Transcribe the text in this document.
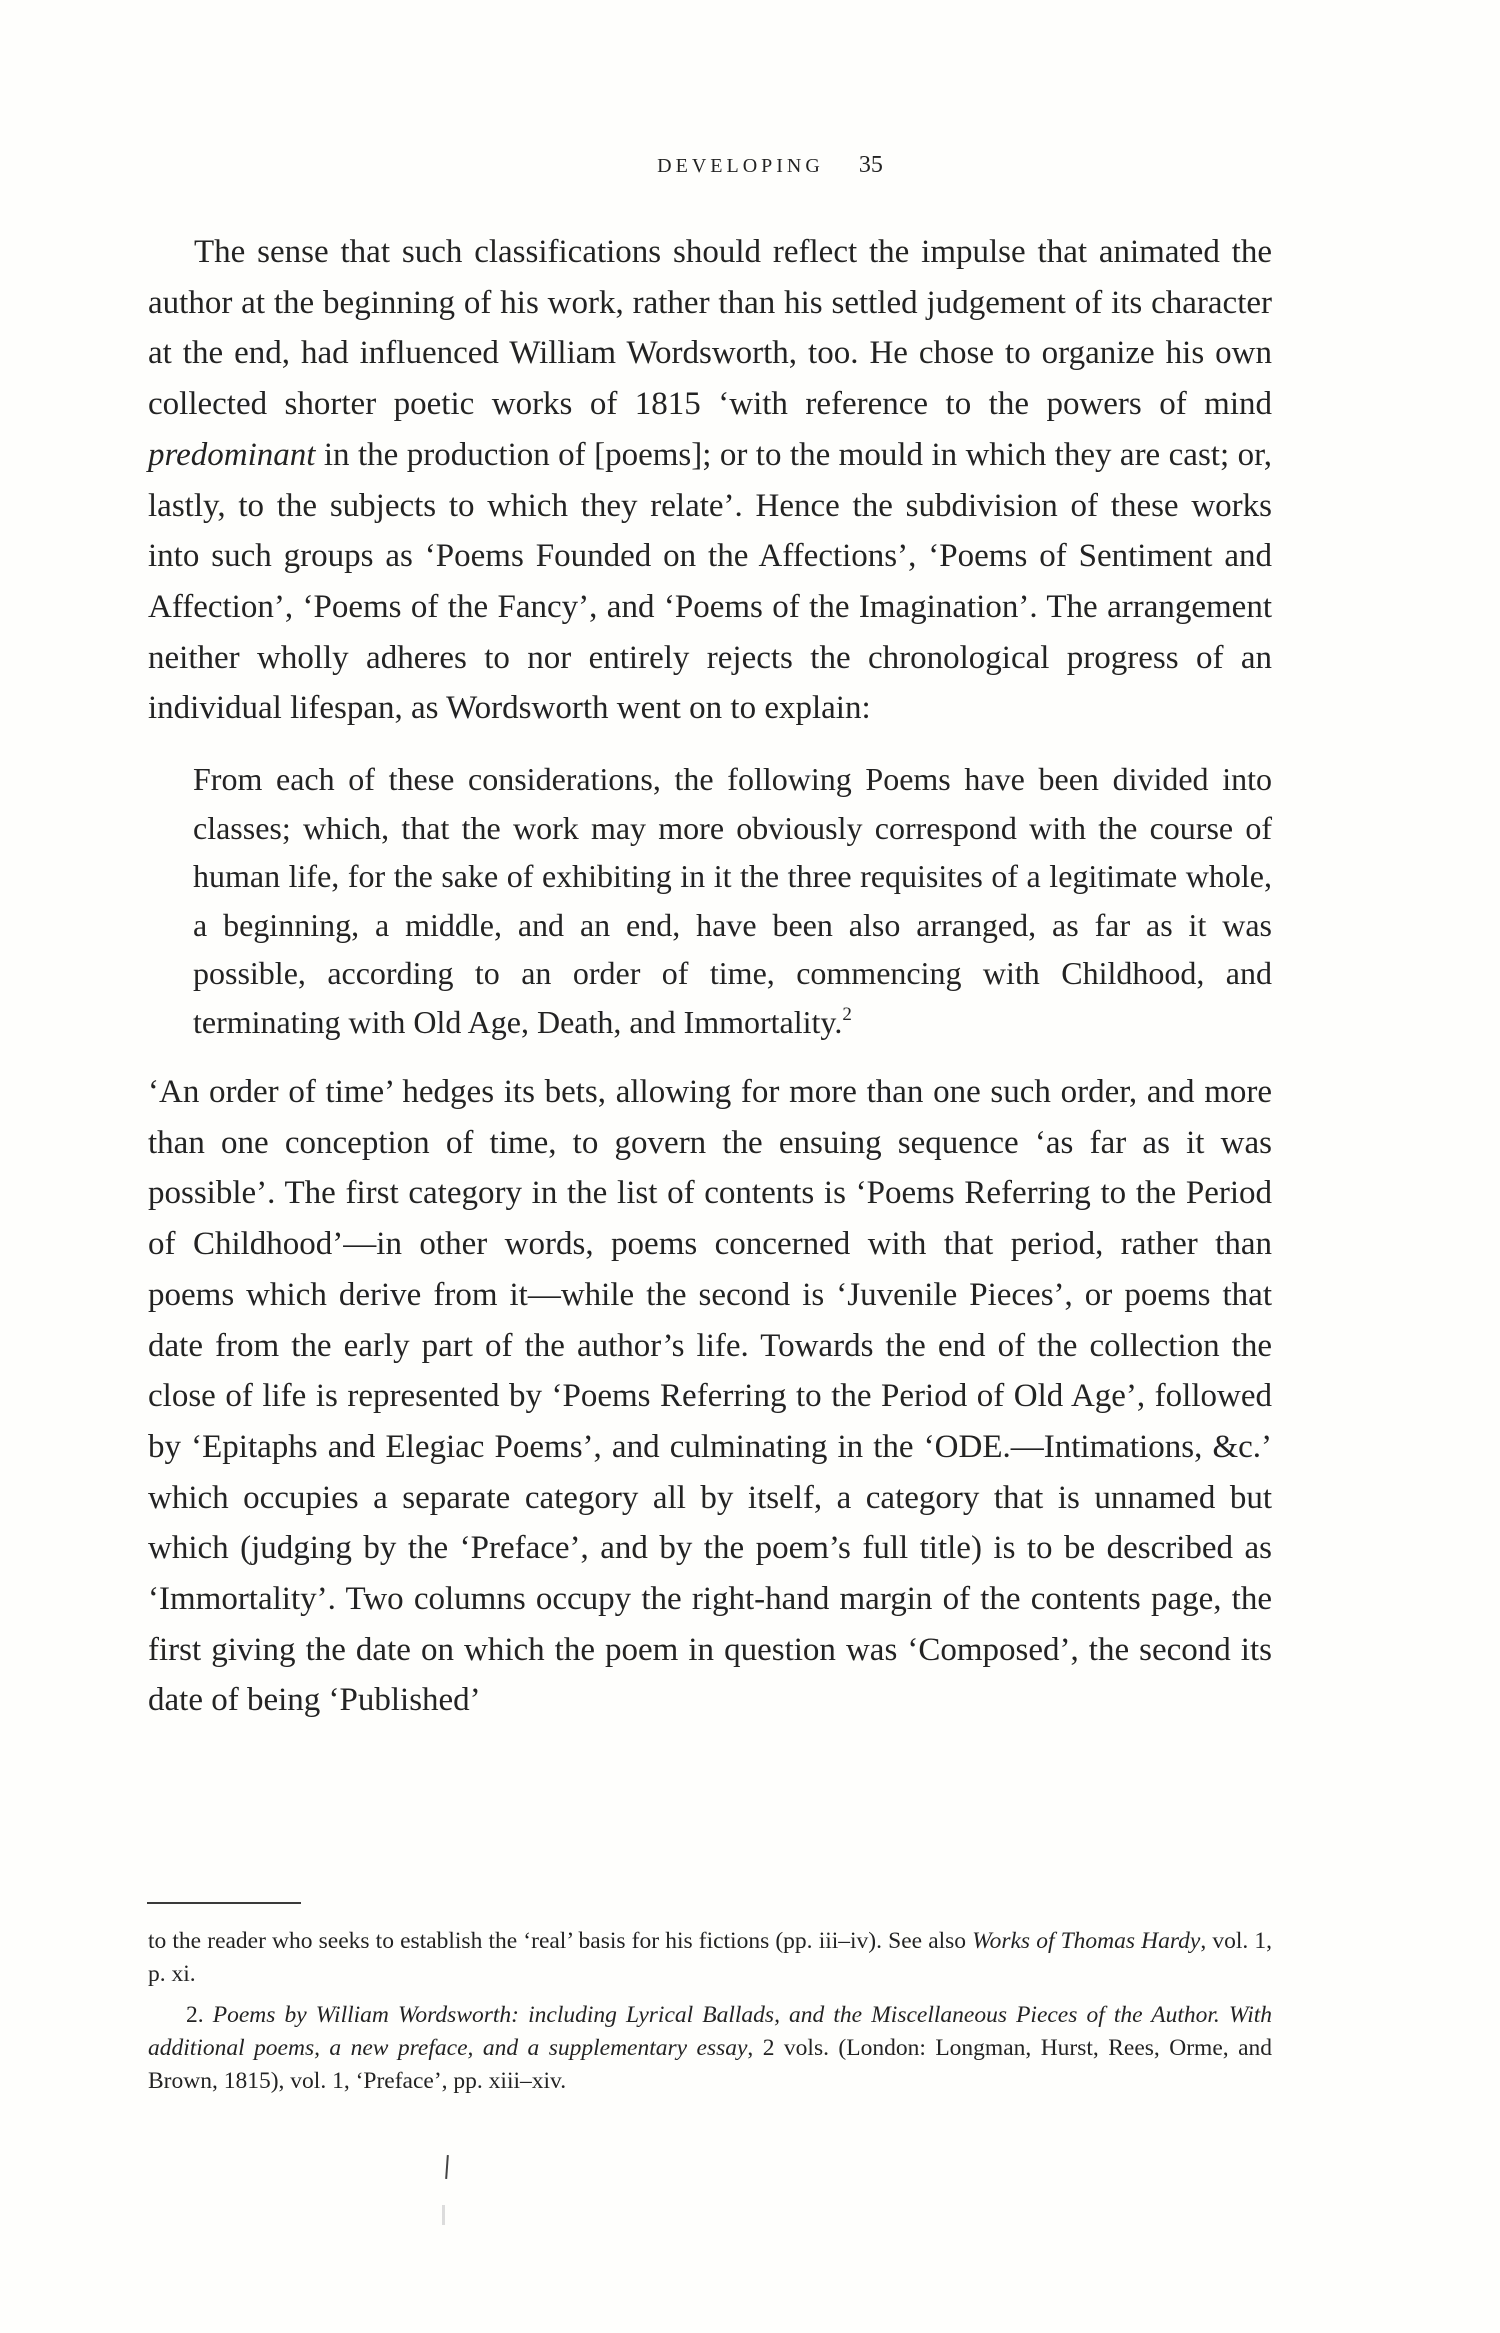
DEVELOPING 35

The sense that such classifications should reflect the impulse that animated the author at the beginning of his work, rather than his settled judgement of its character at the end, had influenced William Wordsworth, too. He chose to organize his own collected shorter poetic works of 1815 ‘with reference to the powers of mind predominant in the production of [poems]; or to the mould in which they are cast; or, lastly, to the subjects to which they relate’. Hence the subdivision of these works into such groups as ‘Poems Founded on the Affections’, ‘Poems of Sentiment and Affection’, ‘Poems of the Fancy’, and ‘Poems of the Imagination’. The arrangement neither wholly adheres to nor entirely rejects the chronological progress of an individual lifespan, as Wordsworth went on to explain:

From each of these considerations, the following Poems have been divided into classes; which, that the work may more obviously correspond with the course of human life, for the sake of exhibiting in it the three requisites of a legitimate whole, a beginning, a middle, and an end, have been also arranged, as far as it was possible, according to an order of time, commencing with Childhood, and terminating with Old Age, Death, and Immortality.$^2$

‘An order of time’ hedges its bets, allowing for more than one such order, and more than one conception of time, to govern the ensuing sequence ‘as far as it was possible’. The first category in the list of contents is ‘Poems Referring to the Period of Childhood’—in other words, poems concerned with that period, rather than poems which derive from it—while the second is ‘Juvenile Pieces’, or poems that date from the early part of the author’s life. Towards the end of the collection the close of life is represented by ‘Poems Referring to the Period of Old Age’, followed by ‘Epitaphs and Elegiac Poems’, and culminating in the ‘ODE.—Intimations, &c.’ which occupies a separate category all by itself, a category that is unnamed but which (judging by the ‘Preface’, and by the poem’s full title) is to be described as ‘Immortality’. Two columns occupy the right-hand margin of the contents page, the first giving the date on which the poem in question was ‘Composed’, the second its date of being ‘Published’

to the reader who seeks to establish the ‘real’ basis for his fictions (pp. iii–iv). See also Works of Thomas Hardy, vol. 1, p. xi.

2. Poems by William Wordsworth: including Lyrical Ballads, and the Miscellaneous Pieces of the Author. With additional poems, a new preface, and a supplementary essay, 2 vols. (London: Longman, Hurst, Rees, Orme, and Brown, 1815), vol. 1, ‘Preface’, pp. xiii–xiv.
